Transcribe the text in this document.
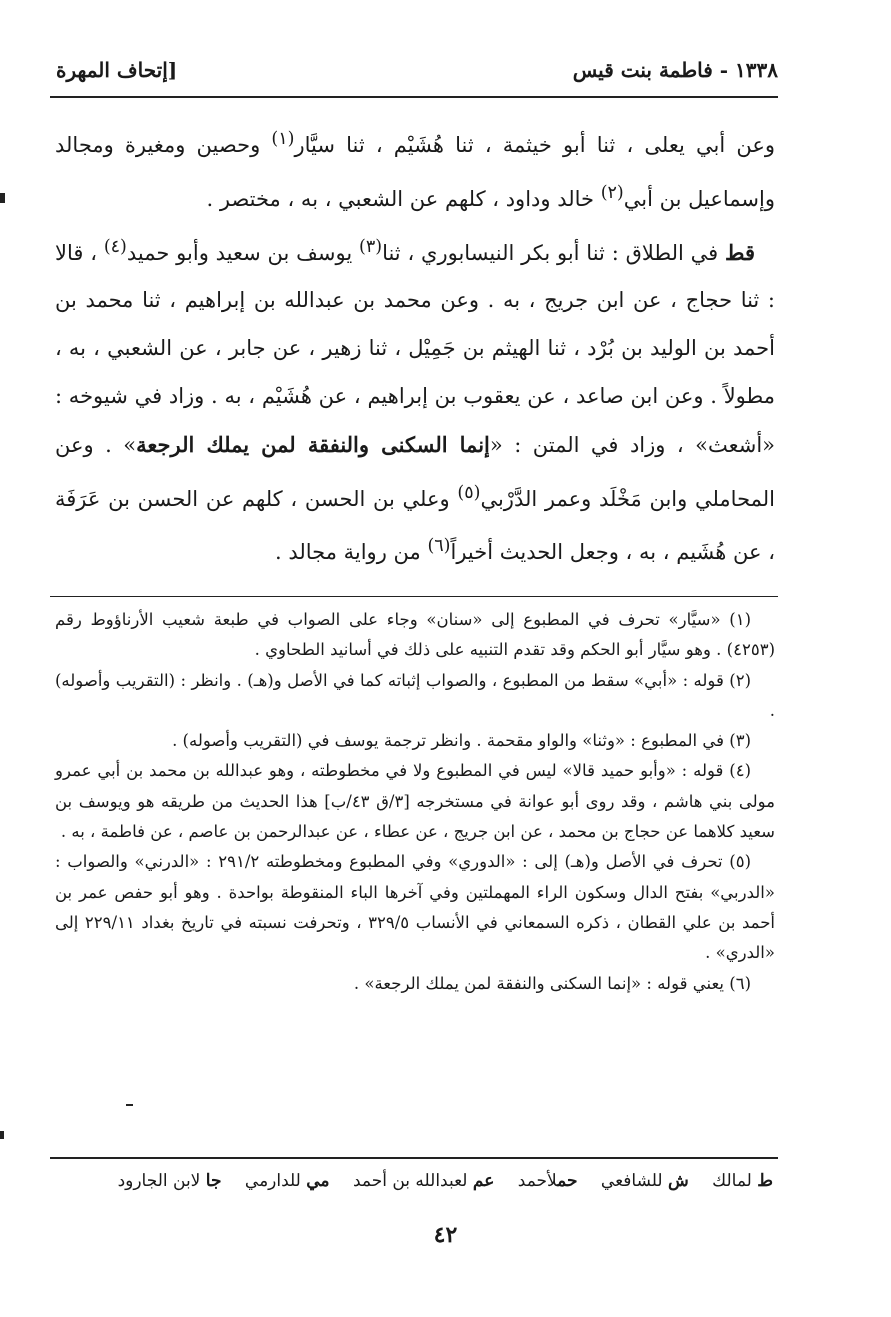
١٣٣٨ - فاطمة بنت قيس
[إتحاف المهرة

وعن أبي يعلى ، ثنا أبو خيثمة ، ثنا هُشَيْم ، ثنا سيَّار$^{(١)}$ وحصين ومغيرة ومجالد وإسماعيل بن أبي$^{(٢)}$ خالد وداود ، كلهم عن الشعبي ، به ، مختصر .

قط في الطلاق : ثنا أبو بكر النيسابوري ، ثنا$^{(٣)}$ يوسف بن سعيد وأبو حميد$^{(٤)}$ ، قالا : ثنا حجاج ، عن ابن جريج ، به . وعن محمد بن عبدالله بن إبراهيم ، ثنا محمد بن أحمد بن الوليد بن بُرْد ، ثنا الهيثم بن جَمِيْل ، ثنا زهير ، عن جابر ، عن الشعبي ، به ، مطولاً . وعن ابن صاعد ، عن يعقوب بن إبراهيم ، عن هُشَيْم ، به . وزاد في شيوخه : «أشعث» ، وزاد في المتن : «إنما السكنى والنفقة لمن يملك الرجعة» . وعن المحاملي وابن مَخْلَد وعمر الدَّرْبي$^{(٥)}$ وعلي بن الحسن ، كلهم عن الحسن بن عَرَفَة ، عن هُشَيم ، به ، وجعل الحديث أخيراً$^{(٦)}$ من رواية مجالد .

(١) «سيَّار» تحرف في المطبوع إلى «سنان» وجاء على الصواب في طبعة شعيب الأرناؤوط رقم (٤٢٥٣) . وهو سيَّار أبو الحكم وقد تقدم التنبيه على ذلك في أسانيد الطحاوي .

(٢) قوله : «أبي» سقط من المطبوع ، والصواب إثباته كما في الأصل و(هـ) . وانظر : (التقريب وأصوله) .

(٣) في المطبوع : «وثنا» والواو مقحمة . وانظر ترجمة يوسف في (التقريب وأصوله) .

(٤) قوله : «وأبو حميد قالا» ليس في المطبوع ولا في مخطوطته ، وهو عبدالله بن محمد بن أبي عمرو مولى بني هاشم ، وقد روى أبو عوانة في مستخرجه [٣/ق ٤٣/ب] هذا الحديث من طريقه هو ويوسف بن سعيد كلاهما عن حجاج بن محمد ، عن ابن جريج ، عن عطاء ، عن عبدالرحمن بن عاصم ، عن فاطمة ، به .

(٥) تحرف في الأصل و(هـ) إلى : «الدوري» وفي المطبوع ومخطوطته ٢٩١/٢ : «الدرني» والصواب : «الدربي» بفتح الدال وسكون الراء المهملتين وفي آخرها الباء المنقوطة بواحدة . وهو أبو حفص عمر بن أحمد بن علي القطان ، ذكره السمعاني في الأنساب ٣٢٩/٥ ، وتحرفت نسبته في تاريخ بغداد ٢٢٩/١١ إلى «الدري» .

(٦) يعني قوله : «إنما السكنى والنفقة لمن يملك الرجعة» .

ط لمالك ش للشافعي حملأحمد عم لعبدالله بن أحمد مي للدارمي جا لابن الجارود
٤٢
